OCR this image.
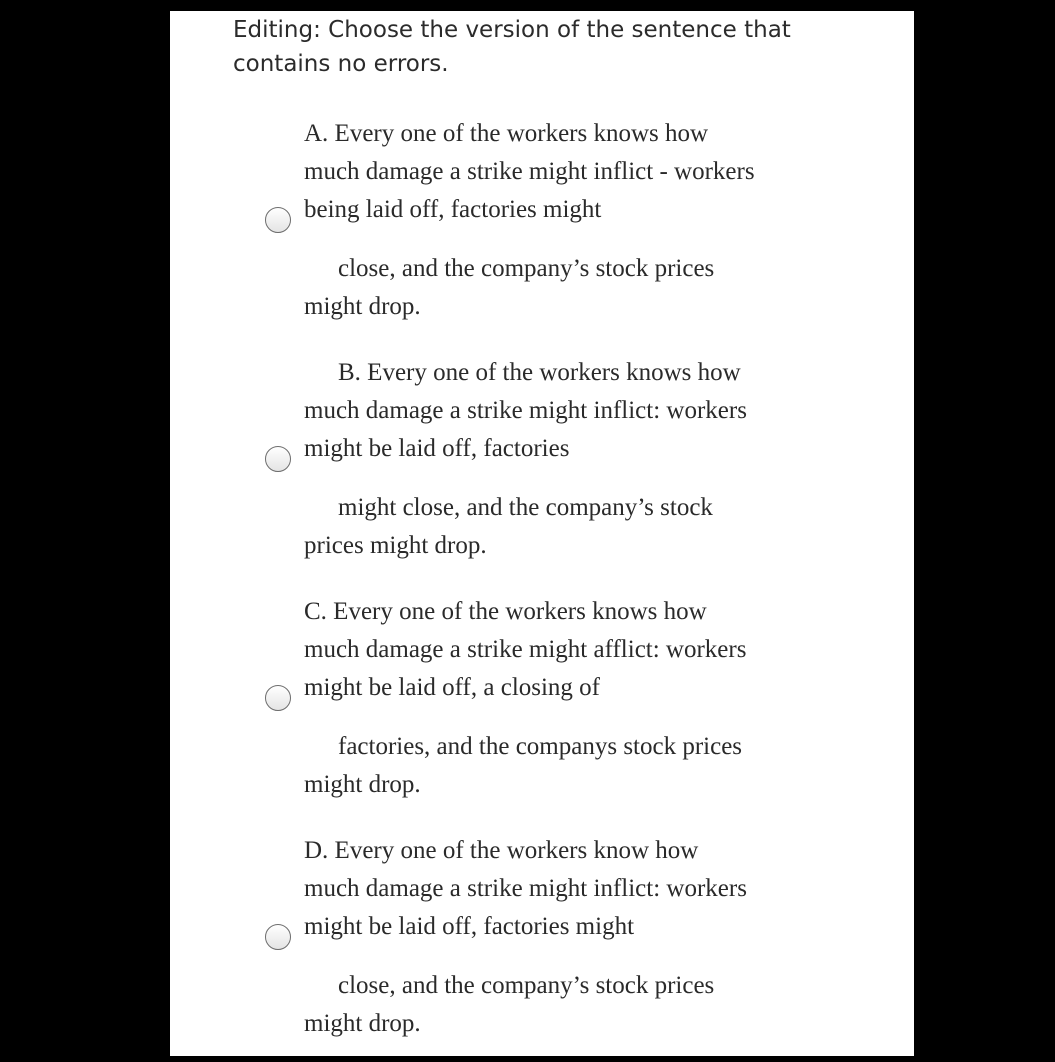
Editing: Choose the version of the sentence that
contains no errors.

A. Every one of the workers knows how
much damage a strike might inflict - workers
being laid off, factories might
close, and the company’s stock prices
might drop.

B. Every one of the workers knows how
much damage a strike might inflict: workers
might be laid off, factories
might close, and the company’s stock
prices might drop.

C. Every one of the workers knows how
much damage a strike might afflict: workers
might be laid off, a closing of
factories, and the companys stock prices
might drop.

D. Every one of the workers know how
much damage a strike might inflict: workers
might be laid off, factories might
close, and the company’s stock prices
might drop.
